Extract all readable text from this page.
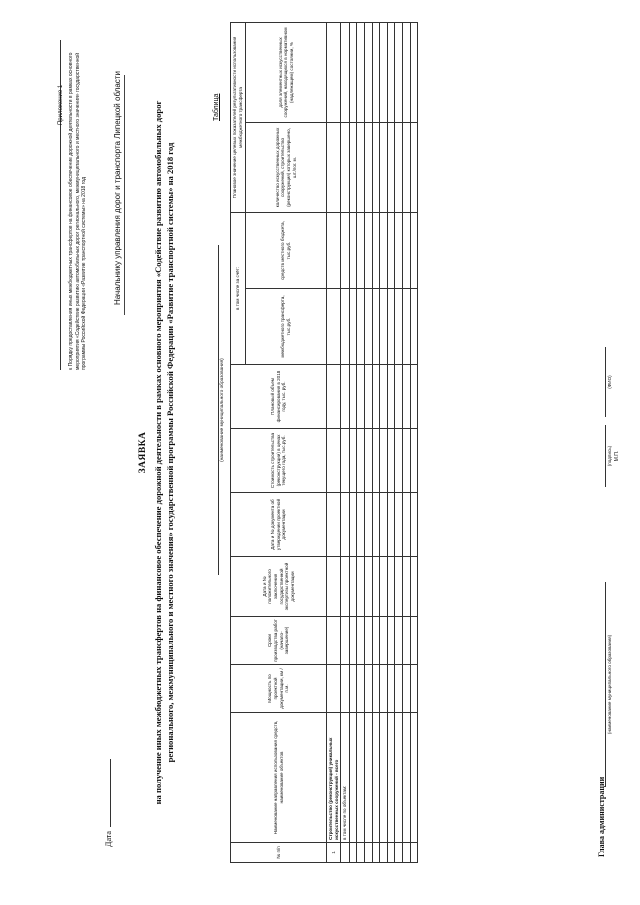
Приложение 1 к Порядку предоставления иных межбюджетных трансфертов на финансовое обеспечение дорожной деятельности в рамках основного мероприятия «Содействие развитию автомобильных дорог регионального, межмуниципального и местного значения» государственной программы Российской Федерации «Развитие транспортной системы» на 2018 год	Начальнику управления дорог и транспорта Липецкой области
Дата
ЗАЯВКА на получение иных межбюджетных трансфертов на финансовое обеспечение дорожной деятельности в рамках основного мероприятия «Содействие развитию автомобильных дорог регионального, межмуниципального и местного значения» государственной программы Российской Федерации «Развитие транспортной системы» на 2018 год
Таблица
(наименование муниципального образования)
№ п/п	Наименование направления использования средств, наименование объектов	Мощность по проектной документации, км / п.м.	Сроки производства работ (начало-завершение)	Дата и № положительного заключения государственной экспертизы проектной документации	Дата и № документа об утверждении проектной документации	Стоимость строительства (реконструкции) в ценах текущего года, тыс.руб.	Плановый объем финансирования в 2018 году, тыс. руб.	в том числе за счёт:		Плановое значение целевых показателей результативности использования межбюджетного трансферта	
										количество искусственных дорожных сооружений, строительство (реконструкция) которых завершено, шт./пог. м.	доля элементных искусственных сооружений, находящихся в нормативном (надлежащем) состоянии, %
								межбюджетного трансферта, тыс.руб.	средств местного бюджета, тыс.руб.		
1	Строительство (реконструкция) уникальных искусственных сооружений - всего										
	в том числе по объектам:										

												Глава администрации
(наименование муниципального образования)
(подпись)
(ФИО)
М.П.
